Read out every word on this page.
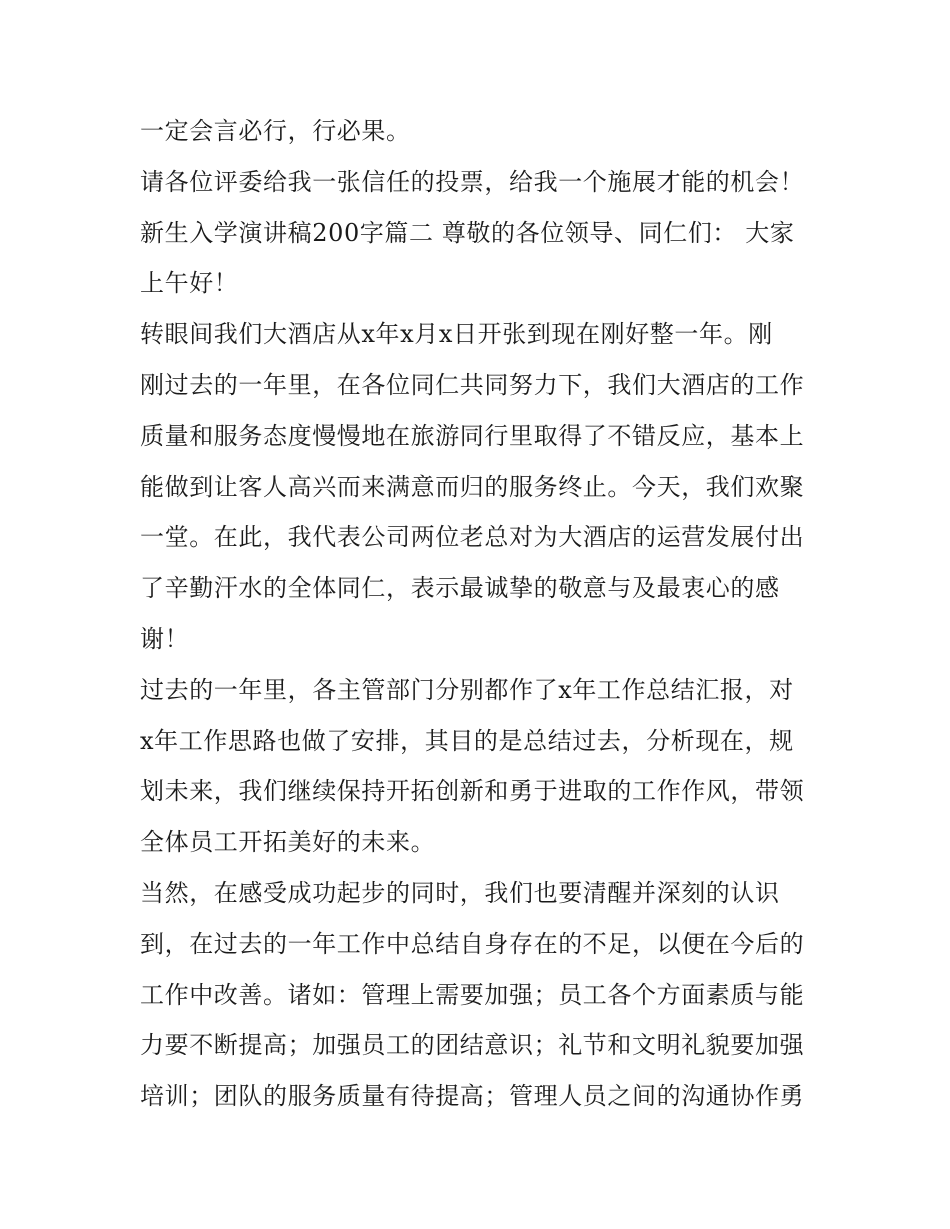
一定会言必行，行必果。
请各位评委给我一张信任的投票，给我一个施展才能的机会！
新生入学演讲稿200字篇二 尊敬的各位领导、同仁们： 大家
上午好！
转眼间我们大酒店从x年x月x日开张到现在刚好整一年。刚
刚过去的一年里，在各位同仁共同努力下，我们大酒店的工作
质量和服务态度慢慢地在旅游同行里取得了不错反应，基本上
能做到让客人高兴而来满意而归的服务终止。今天，我们欢聚
一堂。在此，我代表公司两位老总对为大酒店的运营发展付出
了辛勤汗水的全体同仁，表示最诚挚的敬意与及最衷心的感
谢！
过去的一年里，各主管部门分别都作了x年工作总结汇报，对
x年工作思路也做了安排，其目的是总结过去，分析现在，规
划未来，我们继续保持开拓创新和勇于进取的工作作风，带领
全体员工开拓美好的未来。
当然，在感受成功起步的同时，我们也要清醒并深刻的认识
到，在过去的一年工作中总结自身存在的不足，以便在今后的
工作中改善。诸如：管理上需要加强；员工各个方面素质与能
力要不断提高；加强员工的团结意识；礼节和文明礼貌要加强
培训；团队的服务质量有待提高；管理人员之间的沟通协作勇
